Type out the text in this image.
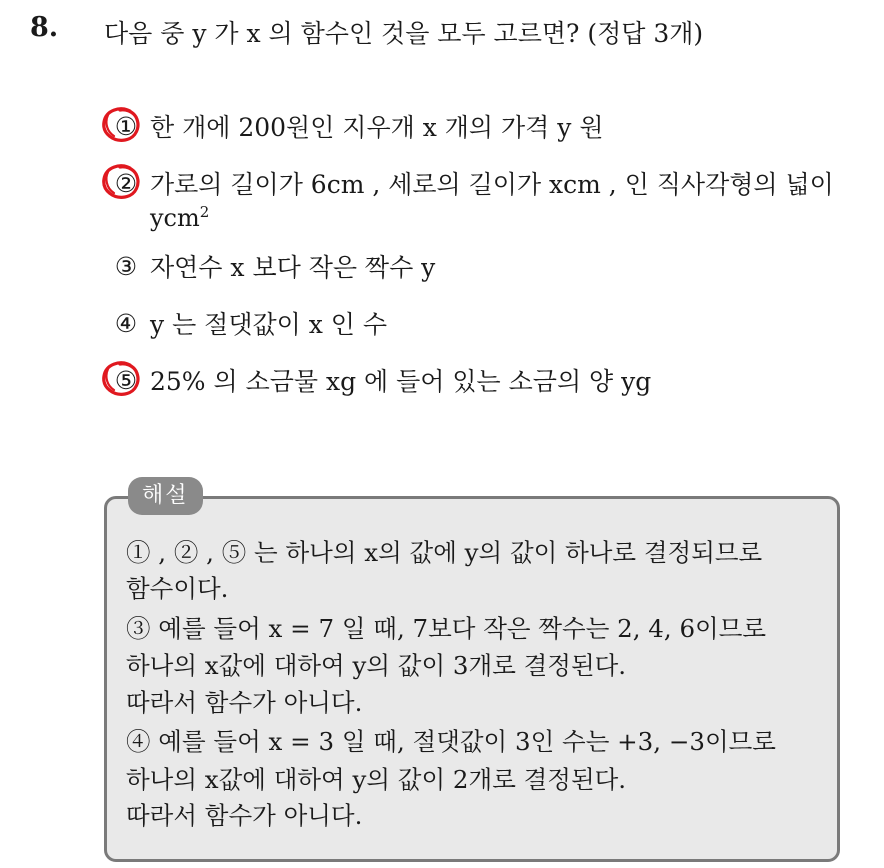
8. 다음 중 y 가 x 의 함수인 것을 모두 고르면? (정답 3개)
① 한 개에 200원인 지우개 x 개의 가격 y 원
② 가로의 길이가 6cm , 세로의 길이가 xcm , 인 직사각형의 넓이
ycm$^2$
③ 자연수 x 보다 작은 짝수 y
④ y 는 절댓값이 x 인 수
⑤ 25% 의 소금물 xg 에 들어 있는 소금의 양 yg
해설
① , ② , ⑤ 는 하나의 x의 값에 y의 값이 하나로 결정되므로
함수이다.
③ 예를 들어 x = 7 일 때, 7보다 작은 짝수는 2, 4, 6이므로
하나의 x값에 대하여 y의 값이 3개로 결정된다.
따라서 함수가 아니다.
④ 예를 들어 x = 3 일 때, 절댓값이 3인 수는 +3, −3이므로
하나의 x값에 대하여 y의 값이 2개로 결정된다.
따라서 함수가 아니다.
